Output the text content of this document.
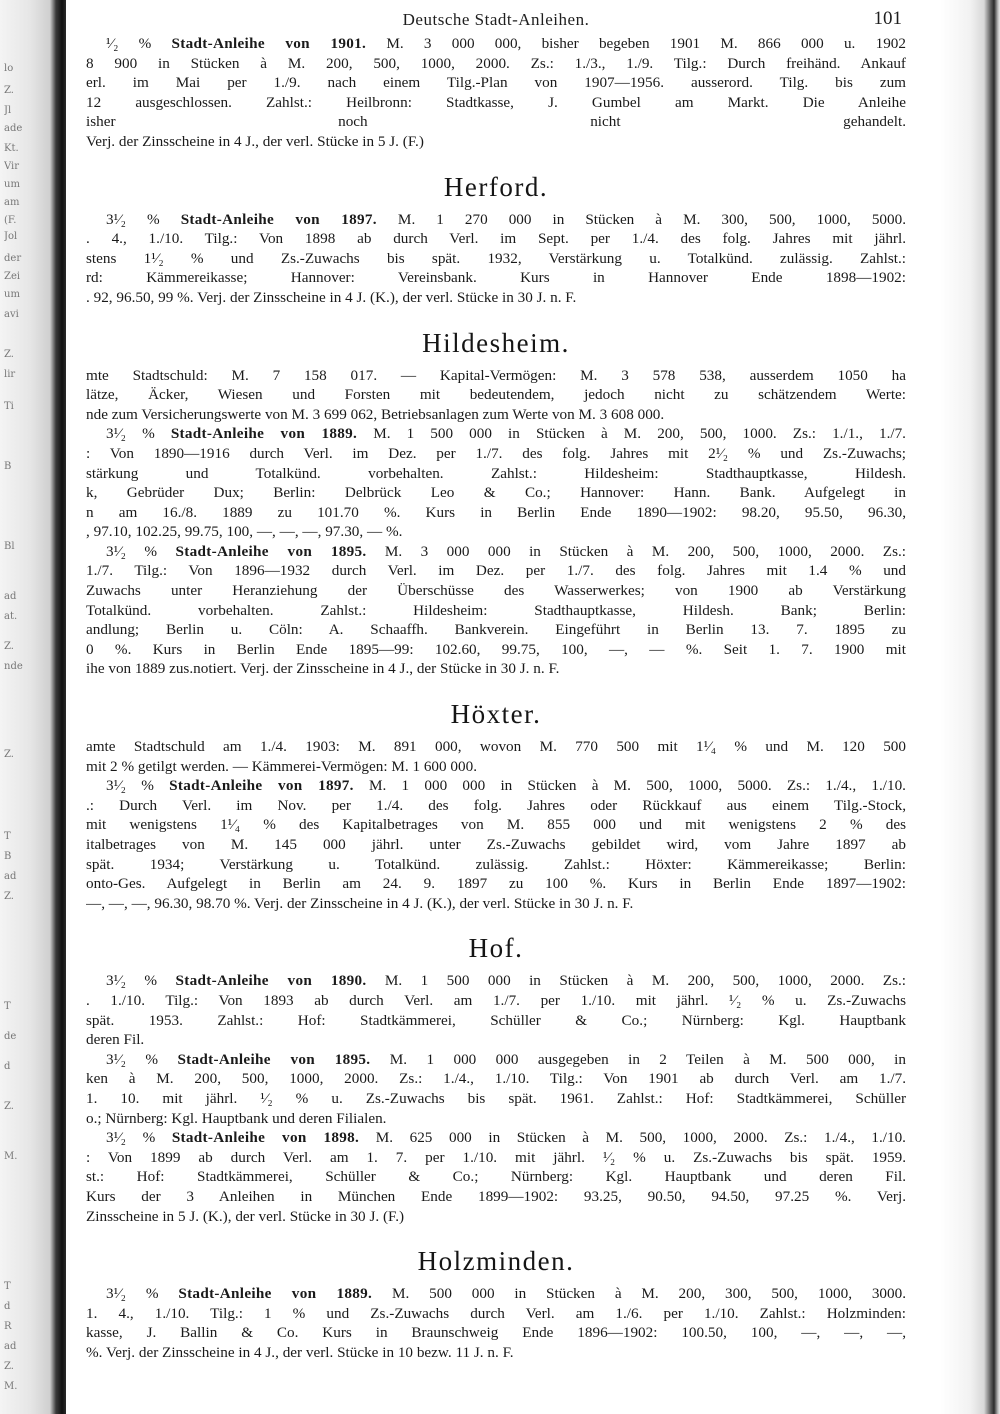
lo
Z.
Jl
ade
Kt.
Vir
um
am
(F.
Jol
der
Zei
um
avi
Z.
lir
Ti
B
Bl
ad
at.
Z.
nde
Z.
T
B
ad
Z.
T
de
d
Z.
M.
T
d
R
ad
Z.
M.
Deutsche Stadt-Anleihen.	101
¹⁄₂ % Stadt-Anleihe von 1901. M. 3 000 000, bisher begeben 1901 M. 866 000 u. 1902
8 900 in Stücken à M. 200, 500, 1000, 2000. Zs.: 1./3., 1./9. Tilg.: Durch freihänd. Ankauf
erl. im Mai per 1./9. nach einem Tilg.-Plan von 1907—1956. ausserord. Tilg. bis zum
12 ausgeschlossen. Zahlst.: Heilbronn: Stadtkasse, J. Gumbel am Markt. Die Anleihe
isher noch nicht gehandelt.
Verj. der Zinsscheine in 4 J., der verl. Stücke in 5 J. (F.)
Herford.
3¹⁄₂ % Stadt-Anleihe von 1897. M. 1 270 000 in Stücken à M. 300, 500, 1000, 5000.
. 4., 1./10. Tilg.: Von 1898 ab durch Verl. im Sept. per 1./4. des folg. Jahres mit jährl.
stens 1¹⁄₂ % und Zs.-Zuwachs bis spät. 1932, Verstärkung u. Totalkünd. zulässig. Zahlst.:
rd: Kämmereikasse; Hannover: Vereinsbank. Kurs in Hannover Ende 1898—1902:
. 92, 96.50, 99 %. Verj. der Zinsscheine in 4 J. (K.), der verl. Stücke in 30 J. n. F.
Hildesheim.
mte Stadtschuld: M. 7 158 017. — Kapital-Vermögen: M. 3 578 538, ausserdem 1050 ha
lätze, Äcker, Wiesen und Forsten mit bedeutendem, jedoch nicht zu schätzendem Werte:
nde zum Versicherungswerte von M. 3 699 062, Betriebsanlagen zum Werte von M. 3 608 000.
3¹⁄₂ % Stadt-Anleihe von 1889. M. 1 500 000 in Stücken à M. 200, 500, 1000. Zs.: 1./1., 1./7.
: Von 1890—1916 durch Verl. im Dez. per 1./7. des folg. Jahres mit 2¹⁄₂ % und Zs.-Zuwachs;
stärkung und Totalkünd. vorbehalten. Zahlst.: Hildesheim: Stadthauptkasse, Hildesh.
k, Gebrüder Dux; Berlin: Delbrück Leo & Co.; Hannover: Hann. Bank. Aufgelegt in
n am 16./8. 1889 zu 101.70 %. Kurs in Berlin Ende 1890—1902: 98.20, 95.50, 96.30,
, 97.10, 102.25, 99.75, 100, —, —, —, 97.30, — %.
3¹⁄₂ % Stadt-Anleihe von 1895. M. 3 000 000 in Stücken à M. 200, 500, 1000, 2000. Zs.:
1./7. Tilg.: Von 1896—1932 durch Verl. im Dez. per 1./7. des folg. Jahres mit 1.4 % und
Zuwachs unter Heranziehung der Überschüsse des Wasserwerkes; von 1900 ab Verstärkung
Totalkünd. vorbehalten. Zahlst.: Hildesheim: Stadthauptkasse, Hildesh. Bank; Berlin:
andlung; Berlin u. Cöln: A. Schaaffh. Bankverein. Eingeführt in Berlin 13. 7. 1895 zu
0 %. Kurs in Berlin Ende 1895—99: 102.60, 99.75, 100, —, — %. Seit 1. 7. 1900 mit
ihe von 1889 zus.notiert. Verj. der Zinsscheine in 4 J., der Stücke in 30 J. n. F.
Höxter.
amte Stadtschuld am 1./4. 1903: M. 891 000, wovon M. 770 500 mit 1¹⁄₄ % und M. 120 500
mit 2 % getilgt werden. — Kämmerei-Vermögen: M. 1 600 000.
3¹⁄₂ % Stadt-Anleihe von 1897. M. 1 000 000 in Stücken à M. 500, 1000, 5000. Zs.: 1./4., 1./10.
.: Durch Verl. im Nov. per 1./4. des folg. Jahres oder Rückkauf aus einem Tilg.-Stock,
mit wenigstens 1¹⁄₄ % des Kapitalbetrages von M. 855 000 und mit wenigstens 2 % des
italbetrages von M. 145 000 jährl. unter Zs.-Zuwachs gebildet wird, vom Jahre 1897 ab
spät. 1934; Verstärkung u. Totalkünd. zulässig. Zahlst.: Höxter: Kämmereikasse; Berlin:
onto-Ges. Aufgelegt in Berlin am 24. 9. 1897 zu 100 %. Kurs in Berlin Ende 1897—1902:
—, —, —, 96.30, 98.70 %. Verj. der Zinsscheine in 4 J. (K.), der verl. Stücke in 30 J. n. F.
Hof.
3¹⁄₂ % Stadt-Anleihe von 1890. M. 1 500 000 in Stücken à M. 200, 500, 1000, 2000. Zs.:
. 1./10. Tilg.: Von 1893 ab durch Verl. am 1./7. per 1./10. mit jährl. ¹⁄₂ % u. Zs.-Zuwachs
spät. 1953. Zahlst.: Hof: Stadtkämmerei, Schüller & Co.; Nürnberg: Kgl. Hauptbank
deren Fil.
3¹⁄₂ % Stadt-Anleihe von 1895. M. 1 000 000 ausgegeben in 2 Teilen à M. 500 000, in
ken à M. 200, 500, 1000, 2000. Zs.: 1./4., 1./10. Tilg.: Von 1901 ab durch Verl. am 1./7.
1. 10. mit jährl. ¹⁄₂ % u. Zs.-Zuwachs bis spät. 1961. Zahlst.: Hof: Stadtkämmerei, Schüller
o.; Nürnberg: Kgl. Hauptbank und deren Filialen.
3¹⁄₂ % Stadt-Anleihe von 1898. M. 625 000 in Stücken à M. 500, 1000, 2000. Zs.: 1./4., 1./10.
: Von 1899 ab durch Verl. am 1. 7. per 1./10. mit jährl. ¹⁄₂ % u. Zs.-Zuwachs bis spät. 1959.
st.: Hof: Stadtkämmerei, Schüller & Co.; Nürnberg: Kgl. Hauptbank und deren Fil.
Kurs der 3 Anleihen in München Ende 1899—1902: 93.25, 90.50, 94.50, 97.25 %. Verj.
Zinsscheine in 5 J. (K.), der verl. Stücke in 30 J. (F.)
Holzminden.
3¹⁄₂ % Stadt-Anleihe von 1889. M. 500 000 in Stücken à M. 200, 300, 500, 1000, 3000.
1. 4., 1./10. Tilg.: 1 % und Zs.-Zuwachs durch Verl. am 1./6. per 1./10. Zahlst.: Holzminden:
kasse, J. Ballin & Co. Kurs in Braunschweig Ende 1896—1902: 100.50, 100, —, —, —,
%. Verj. der Zinsscheine in 4 J., der verl. Stücke in 10 bezw. 11 J. n. F.
